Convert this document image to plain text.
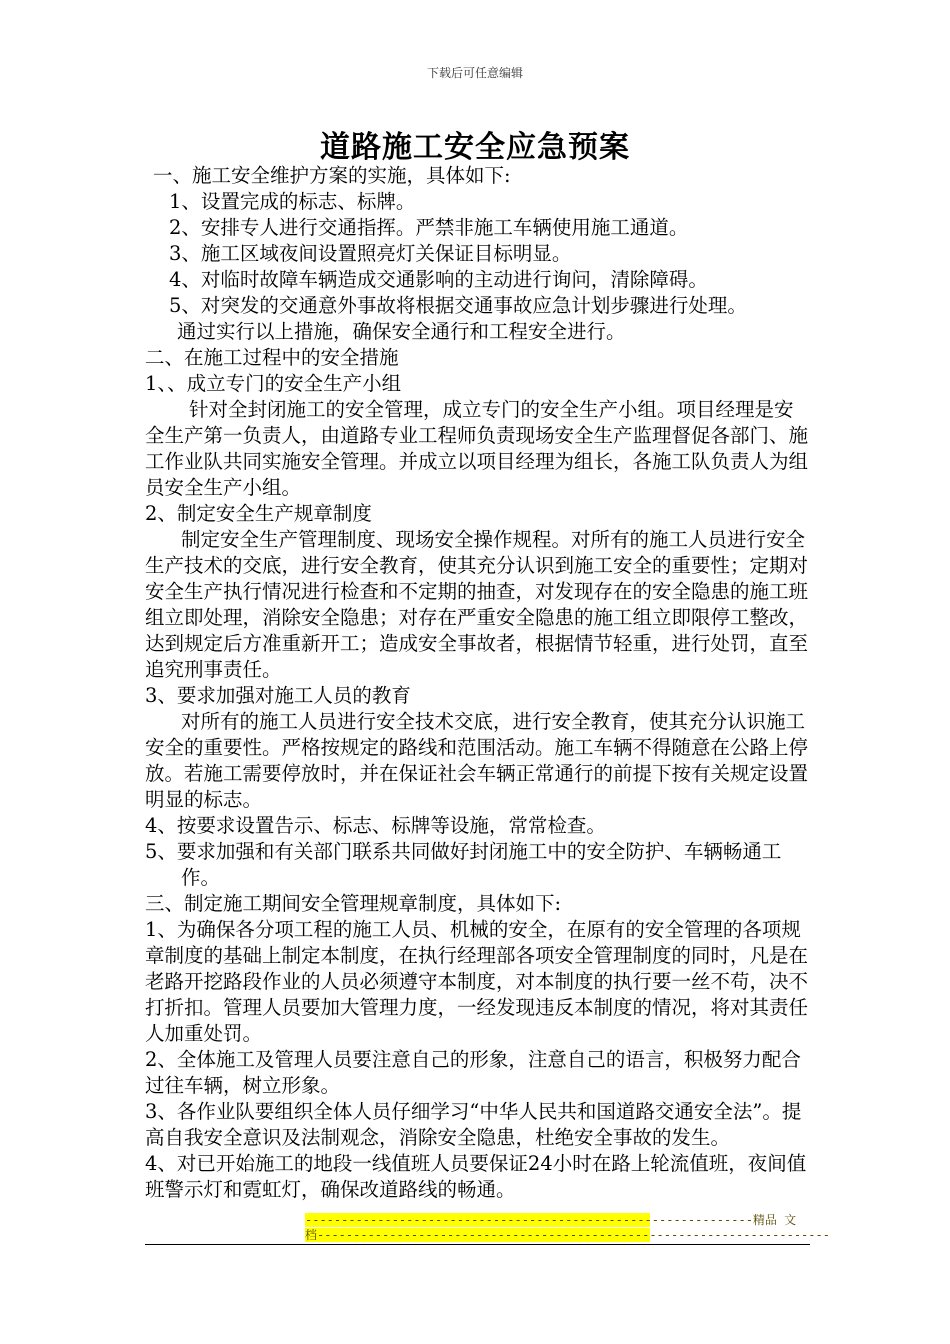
下载后可任意编辑
道路施工安全应急预案

一、施工安全维护方案的实施，具体如下:

1、设置完成的标志、标牌。

2、安排专人进行交通指挥。严禁非施工车辆使用施工通道。

3、施工区域夜间设置照亮灯关保证目标明显。

4、对临时故障车辆造成交通影响的主动进行询问，清除障碍。

5、对突发的交通意外事故将根据交通事故应急计划步骤进行处理。

通过实行以上措施，确保安全通行和工程安全进行。

二、在施工过程中的安全措施

1、、成立专门的安全生产小组

针对全封闭施工的安全管理，成立专门的安全生产小组。项目经理是安全生产第一负责人，由道路专业工程师负责现场安全生产监理督促各部门、施工作业队共同实施安全管理。并成立以项目经理为组长，各施工队负责人为组员安全生产小组。

2、制定安全生产规章制度

制定安全生产管理制度、现场安全操作规程。对所有的施工人员进行安全生产技术的交底，进行安全教育，使其充分认识到施工安全的重要性；定期对安全生产执行情况进行检查和不定期的抽查，对发现存在的安全隐患的施工班组立即处理，消除安全隐患；对存在严重安全隐患的施工组立即限停工整改，达到规定后方准重新开工；造成安全事故者，根据情节轻重，进行处罚，直至追究刑事责任。

3、要求加强对施工人员的教育

对所有的施工人员进行安全技术交底，进行安全教育，使其充分认识施工安全的重要性。严格按规定的路线和范围活动。施工车辆不得随意在公路上停放。若施工需要停放时，并在保证社会车辆正常通行的前提下按有关规定设置明显的标志。

4、按要求设置告示、标志、标牌等设施，常常检查。

5、要求加强和有关部门联系共同做好封闭施工中的安全防护、车辆畅通工作。

三、制定施工期间安全管理规章制度，具体如下:

1、为确保各分项工程的施工人员、机械的安全，在原有的安全管理的各项规章制度的基础上制定本制度，在执行经理部各项安全管理制度的同时，凡是在老路开挖路段作业的人员必须遵守本制度，对本制度的执行要一丝不苟，决不打折扣。管理人员要加大管理力度，一经发现违反本制度的情况，将对其责任人加重处罚。

2、全体施工及管理人员要注意自己的形象，注意自己的语言，积极努力配合过往车辆，树立形象。

3、各作业队要组织全体人员仔细学习“中华人民共和国道路交通安全法”。提高自我安全意识及法制观念，消除安全隐患，杜绝安全事故的发生。

4、对已开始施工的地段一线值班人员要保证24小时在路上轮流值班，夜间值班警示灯和霓虹灯，确保改道路线的畅通。

--------------------------------------------------------------精品 文
档-----------------------------------------------------------------------
